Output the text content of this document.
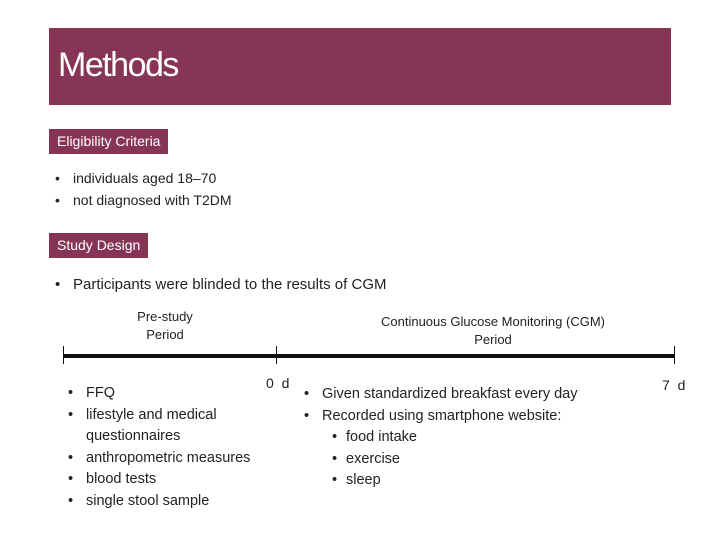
Methods
Eligibility Criteria
• individuals aged 18–70
• not diagnosed with T2DM
Study Design
• Participants were blinded to the results of CGM
Pre-study
Period
Continuous Glucose Monitoring (CGM)
Period
0 d	7 d
• FFQ
• lifestyle and medical questionnaires
• anthropometric measures
• blood tests
• single stool sample
• Given standardized breakfast every day
• Recorded using smartphone website:
• food intake
• exercise
• sleep
